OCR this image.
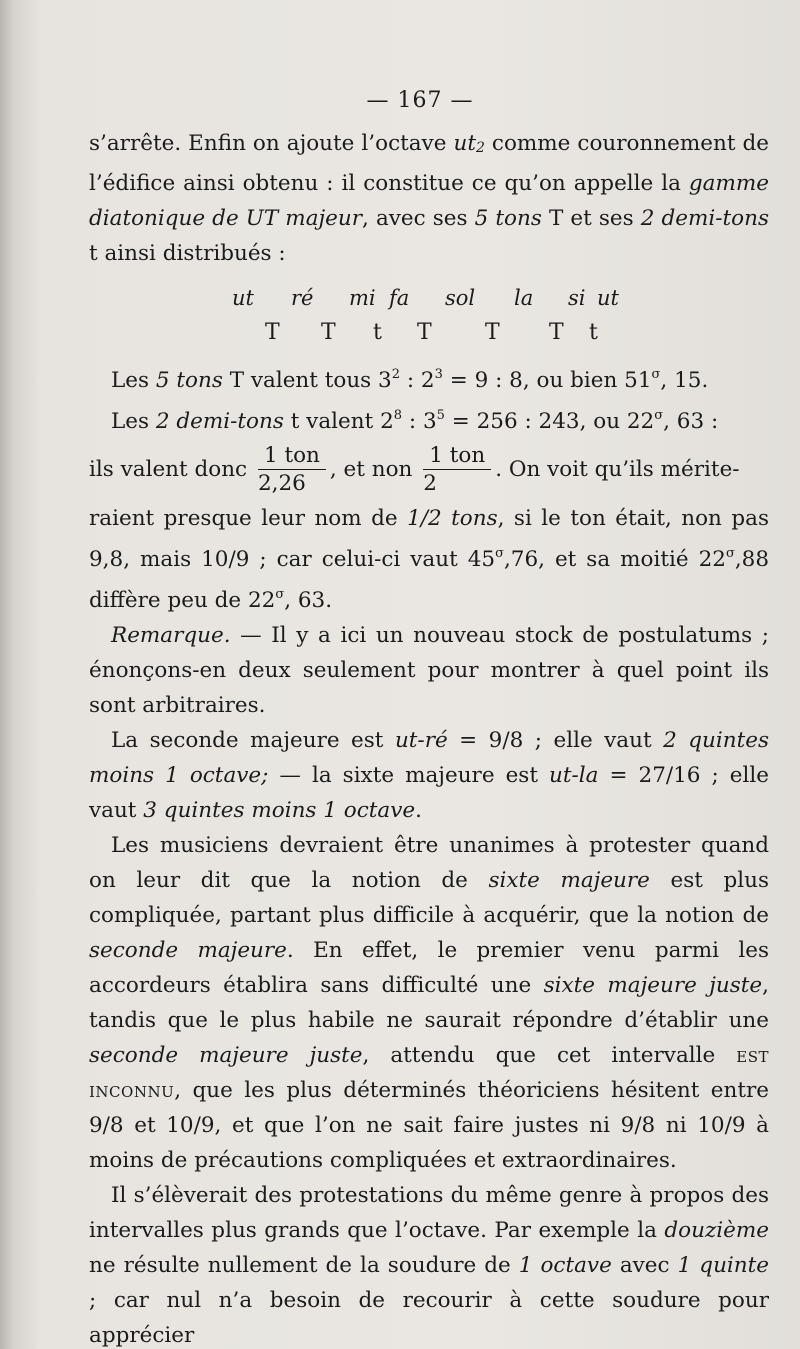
— 167 —

s’arrête. Enfin on ajoute l’octave ut2 comme couronnement de l’édifice ainsi obtenu : il constitue ce qu’on appelle la gamme diatonique de UT majeur, avec ses 5 tons T et ses 2 demi-tons t ainsi distribués :

ut ré mi fa sol la si ut
T T t T T T t

Les 5 tons T valent tous $3^2$ : $2^3 = 9$ : 8, ou bien $51^\sigma$, 15.

Les 2 demi-tons t valent $2^8$ : $3^5 = 256$ : 243, ou $22^\sigma$, 63 :

ils valent donc $\frac{\text{1 ton}}{2,26}$ , et non $\frac{\text{1 ton}}{2}$ . On voit qu’ils mérite-

raient presque leur nom de 1/2 tons, si le ton était, non pas 9,8, mais 10/9 ; car celui-ci vaut $45^\sigma,76$, et sa moitié $22^\sigma,88$ diffère peu de $22^\sigma$, 63.

Remarque. — Il y a ici un nouveau stock de postulatums ; énonçons-en deux seulement pour montrer à quel point ils sont arbitraires.

La seconde majeure est ut-ré = 9/8 ; elle vaut 2 quintes moins 1 octave; — la sixte majeure est ut-la = 27/16 ; elle vaut 3 quintes moins 1 octave.

Les musiciens devraient être unanimes à protester quand on leur dit que la notion de sixte majeure est plus compliquée, partant plus difficile à acquérir, que la notion de seconde majeure. En effet, le premier venu parmi les accordeurs établira sans difficulté une sixte majeure juste, tandis que le plus habile ne saurait répondre d’établir une seconde majeure juste, attendu que cet intervalle est inconnu, que les plus déterminés théoriciens hésitent entre 9/8 et 10/9, et que l’on ne sait faire justes ni 9/8 ni 10/9 à moins de précautions compliquées et extraordinaires.

Il s’élèverait des protestations du même genre à propos des intervalles plus grands que l’octave. Par exemple la douzième ne résulte nullement de la soudure de 1 octave avec 1 quinte ; car nul n’a besoin de recourir à cette soudure pour apprécier
